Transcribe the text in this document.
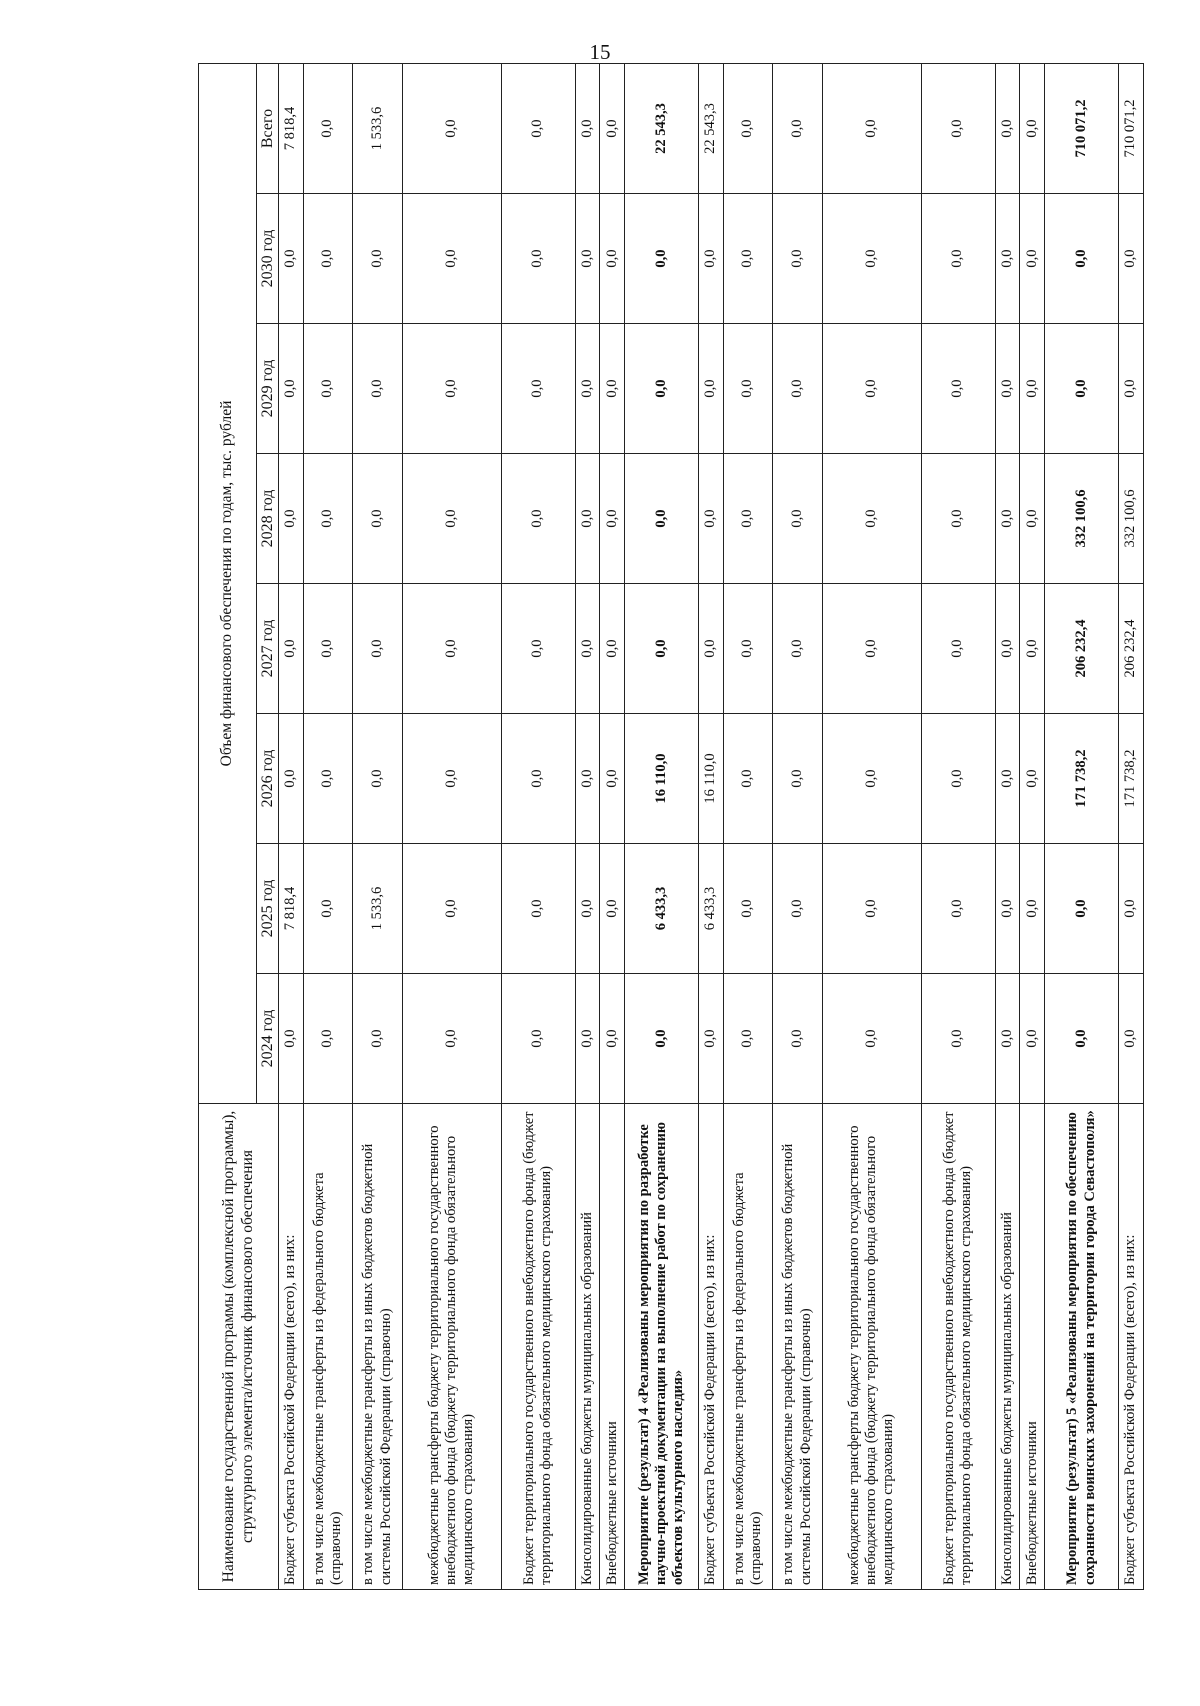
15
Наименование государственной программы (комплексной программы), структурного элемента/источник финансового обеспечения	Объем финансового обеспечения по годам, тыс. рублей							
	2024 год	2025 год	2026 год	2027 год	2028 год	2029 год	2030 год	Всего
Бюджет субъекта Российской Федерации (всего), из них:	0,0	7 818,4	0,0	0,0	0,0	0,0	0,0	7 818,4
в том числе межбюджетные трансферты из федерального бюджета (справочно)	0,0	0,0	0,0	0,0	0,0	0,0	0,0	0,0
в том числе межбюджетные трансферты из иных бюджетов бюджетной системы Российской Федерации (справочно)	0,0	1 533,6	0,0	0,0	0,0	0,0	0,0	1 533,6
межбюджетные трансферты бюджету территориального государственного внебюджетного фонда (бюджету территориального фонда обязательного медицинского страхования)	0,0	0,0	0,0	0,0	0,0	0,0	0,0	0,0
Бюджет территориального государственного внебюджетного фонда (бюджет территориального фонда обязательного медицинского страхования)	0,0	0,0	0,0	0,0	0,0	0,0	0,0	0,0
Консолидированные бюджеты муниципальных образований	0,0	0,0	0,0	0,0	0,0	0,0	0,0	0,0
Внебюджетные источники	0,0	0,0	0,0	0,0	0,0	0,0	0,0	0,0
Мероприятие (результат) 4 «Реализованы мероприятия по разработке научно-проектной документации на выполнение работ по сохранению объектов культурного наследия»	0,0	6 433,3	16 110,0	0,0	0,0	0,0	0,0	22 543,3
Бюджет субъекта Российской Федерации (всего), из них:	0,0	6 433,3	16 110,0	0,0	0,0	0,0	0,0	22 543,3
в том числе межбюджетные трансферты из федерального бюджета (справочно)	0,0	0,0	0,0	0,0	0,0	0,0	0,0	0,0
в том числе межбюджетные трансферты из иных бюджетов бюджетной системы Российской Федерации (справочно)	0,0	0,0	0,0	0,0	0,0	0,0	0,0	0,0
межбюджетные трансферты бюджету территориального государственного внебюджетного фонда (бюджету территориального фонда обязательного медицинского страхования)	0,0	0,0	0,0	0,0	0,0	0,0	0,0	0,0
Бюджет территориального государственного внебюджетного фонда (бюджет территориального фонда обязательного медицинского страхования)	0,0	0,0	0,0	0,0	0,0	0,0	0,0	0,0
Консолидированные бюджеты муниципальных образований	0,0	0,0	0,0	0,0	0,0	0,0	0,0	0,0
Внебюджетные источники	0,0	0,0	0,0	0,0	0,0	0,0	0,0	0,0
Мероприятие (результат) 5 «Реализованы мероприятия по обеспечению сохранности воинских захоронений на территории города Севастополя»	0,0	0,0	171 738,2	206 232,4	332 100,6	0,0	0,0	710 071,2
Бюджет субъекта Российской Федерации (всего), из них:	0,0	0,0	171 738,2	206 232,4	332 100,6	0,0	0,0	710 071,2
